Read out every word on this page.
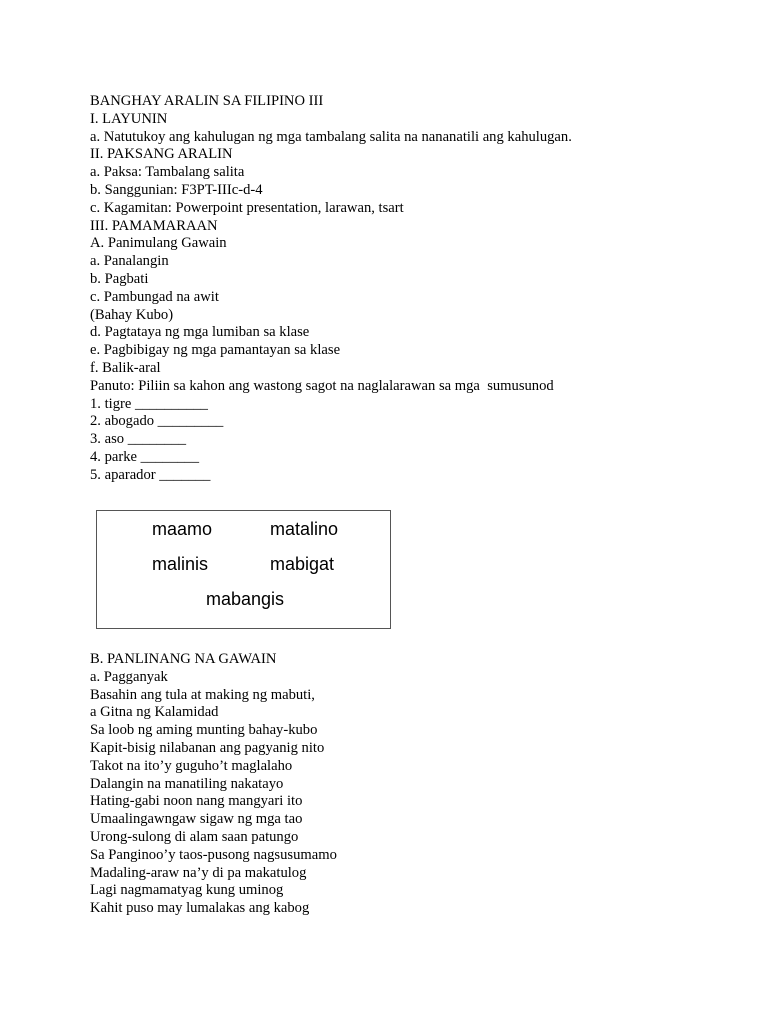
BANGHAY ARALIN SA FILIPINO III
I. LAYUNIN
a. Natutukoy ang kahulugan ng mga tambalang salita na nananatili ang kahulugan.
II. PAKSANG ARALIN
a. Paksa: Tambalang salita
b. Sanggunian: F3PT-IIIc-d-4
c. Kagamitan: Powerpoint presentation, larawan, tsart
III. PAMAMARAAN
A. Panimulang Gawain
a. Panalangin
b. Pagbati
c. Pambungad na awit
(Bahay Kubo)
d. Pagtataya ng mga lumiban sa klase
e. Pagbibigay ng mga pamantayan sa klase
f. Balik-aral
Panuto: Piliin sa kahon ang wastong sagot na naglalarawan sa mga  sumusunod
1. tigre __________
2. abogado _________
3. aso ________
4. parke ________
5. aparador _______
maamo	matalino
malinis	mabigat
mabangis
B. PANLINANG NA GAWAIN
a. Pagganyak
Basahin ang tula at making ng mabuti,
a Gitna ng Kalamidad
Sa loob ng aming munting bahay-kubo
Kapit-bisig nilabanan ang pagyanig nito
Takot na ito’y guguho’t maglalaho
Dalangin na manatiling nakatayo
Hating-gabi noon nang mangyari ito
Umaalingawngaw sigaw ng mga tao
Urong-sulong di alam saan patungo
Sa Panginoo’y taos-pusong nagsusumamo
Madaling-araw na’y di pa makatulog
Lagi nagmamatyag kung uminog
Kahit puso may lumalakas ang kabog
